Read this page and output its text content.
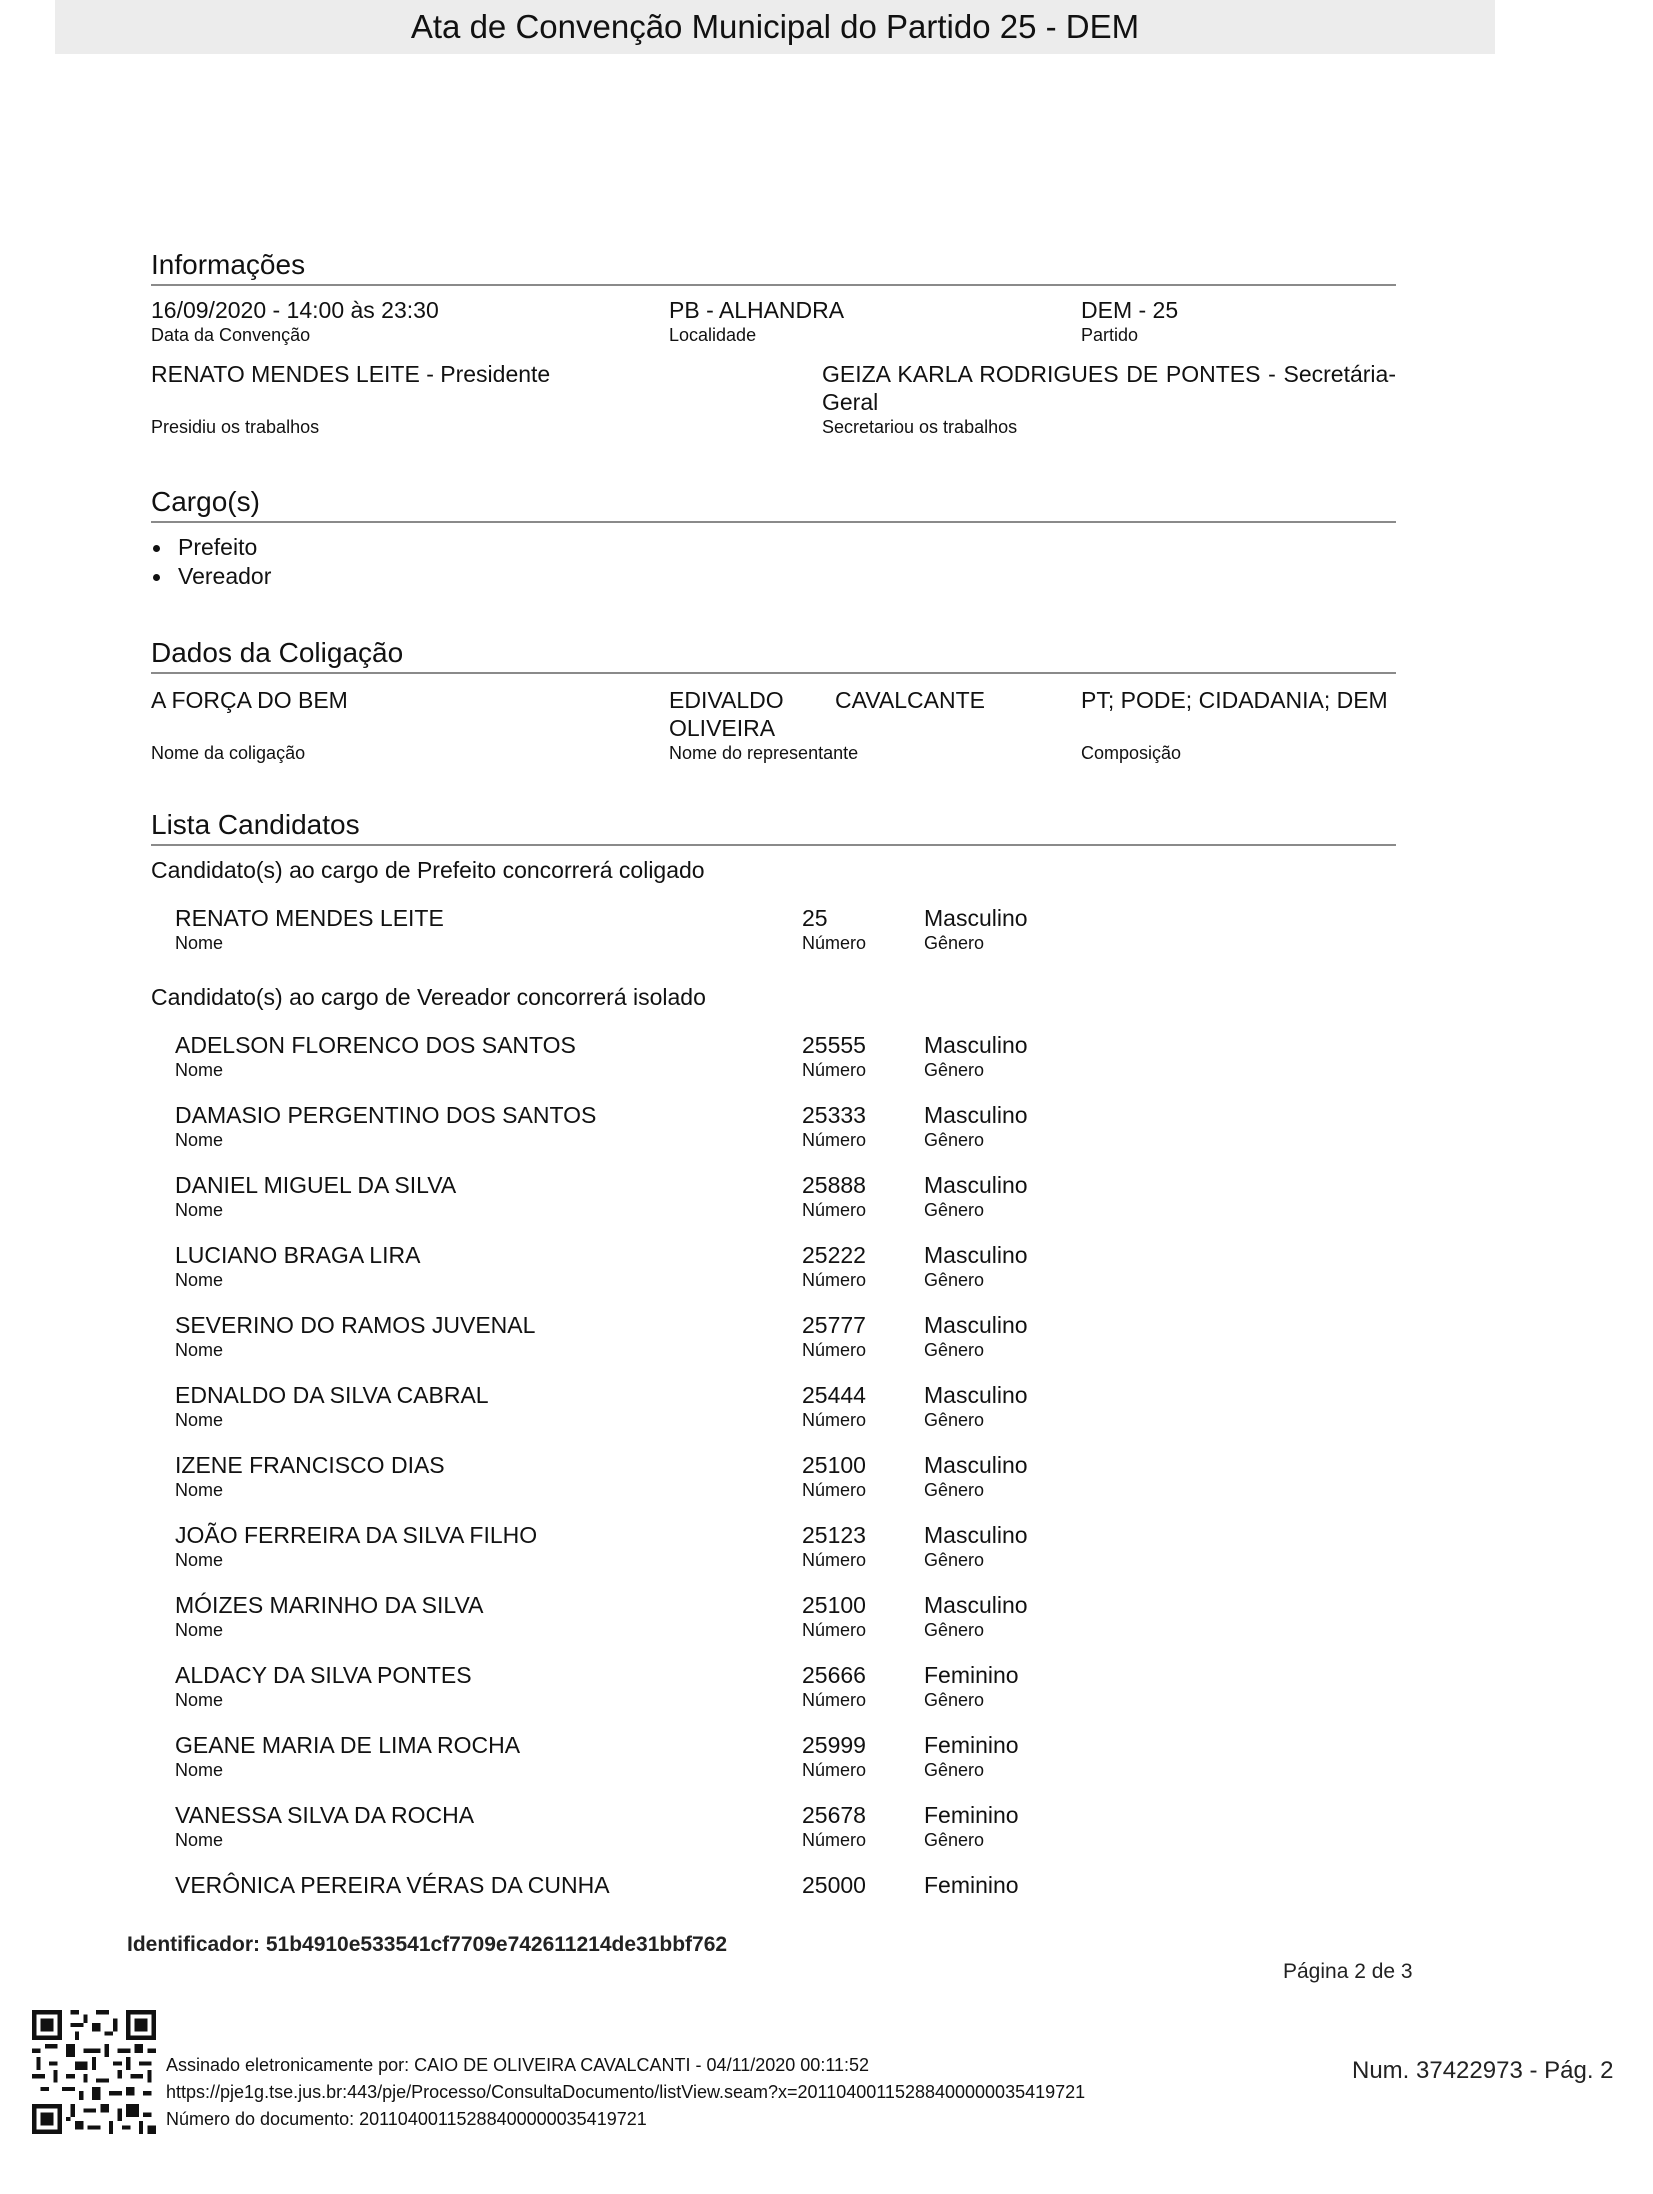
Ata de Convenção Municipal do Partido 25 - DEM
Informações
16/09/2020 - 14:00 às 23:30
Data da Convenção
PB - ALHANDRA
Localidade
DEM - 25
Partido
RENATO MENDES LEITE - Presidente
Presidiu os trabalhos
GEIZA KARLA RODRIGUES DE PONTES - Secretária-
Geral
Secretariou os trabalhos
Cargo(s)
Prefeito
Vereador
Dados da Coligação
A FORÇA DO BEM
Nome da coligação
EDIVALDO CAVALCANTE
OLIVEIRA
Nome do representante
PT; PODE; CIDADANIA; DEM
Composição
Lista Candidatos
Candidato(s) ao cargo de Prefeito concorrerá coligado
RENATO MENDES LEITE	25	Masculino
Nome	Número	Gênero
Candidato(s) ao cargo de Vereador concorrerá isolado
ADELSON FLORENCO DOS SANTOS	25555	Masculino
Nome	Número	Gênero
DAMASIO PERGENTINO DOS SANTOS	25333	Masculino
Nome	Número	Gênero
DANIEL MIGUEL DA SILVA	25888	Masculino
Nome	Número	Gênero
LUCIANO BRAGA LIRA	25222	Masculino
Nome	Número	Gênero
SEVERINO DO RAMOS JUVENAL	25777	Masculino
Nome	Número	Gênero
EDNALDO DA SILVA CABRAL	25444	Masculino
Nome	Número	Gênero
IZENE FRANCISCO DIAS	25100	Masculino
Nome	Número	Gênero
JOÃO FERREIRA DA SILVA FILHO	25123	Masculino
Nome	Número	Gênero
MÓIZES MARINHO DA SILVA	25100	Masculino
Nome	Número	Gênero
ALDACY DA SILVA PONTES	25666	Feminino
Nome	Número	Gênero
GEANE MARIA DE LIMA ROCHA	25999	Feminino
Nome	Número	Gênero
VANESSA SILVA DA ROCHA	25678	Feminino
Nome	Número	Gênero
VERÔNICA PEREIRA VÉRAS DA CUNHA	25000	Feminino
Identificador: 51b4910e533541cf7709e742611214de31bbf762
Página 2 de 3
Assinado eletronicamente por: CAIO DE OLIVEIRA CAVALCANTI - 04/11/2020 00:11:52
https://pje1g.tse.jus.br:443/pje/Processo/ConsultaDocumento/listView.seam?x=20110400115288400000035419721
Número do documento: 20110400115288400000035419721
Num. 37422973 - Pág. 2
